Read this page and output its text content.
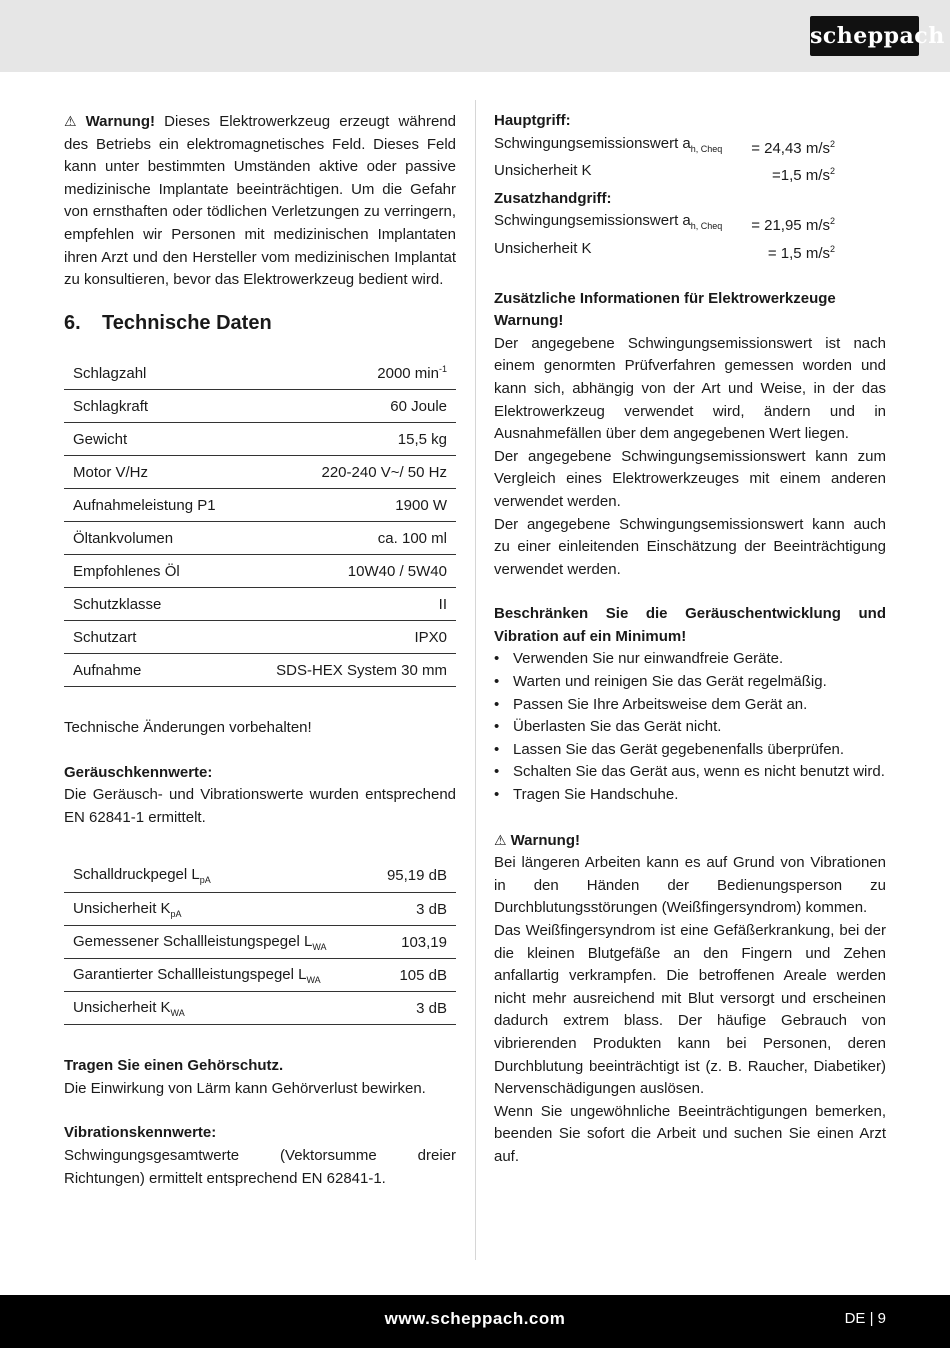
scheppach

⚠ Warnung! Dieses Elektrowerkzeug erzeugt während des Betriebs ein elektromagnetisches Feld. Dieses Feld kann unter bestimmten Umständen aktive oder passive medizinische Implantate beeinträchtigen. Um die Gefahr von ernsthaften oder tödlichen Verletzungen zu verringern, empfehlen wir Personen mit medizinischen Implantaten ihren Arzt und den Hersteller vom medizinischen Implantat zu konsultieren, bevor das Elektrowerkzeug bedient wird.

6.	Technische Daten
Schlagzahl	2000 $\min^{-1}$
Schlagkraft	60 Joule
Gewicht	15,5 kg
Motor V/Hz	220-240 V~/ 50 Hz
Aufnahmeleistung P1	1900 W
Öltankvolumen	ca. 100 ml
Empfohlenes Öl	10W40 / 5W40
Schutzklasse	II
Schutzart	IPX0
Aufnahme	SDS-HEX System 30 mm

Technische Änderungen vorbehalten!

Geräuschkennwerte:

Die Geräusch- und Vibrationswerte wurden entsprechend EN 62841-1 ermittelt.

Schalldruckpegel $L_{pA}$	95,19 dB
Unsicherheit $K_{pA}$	3 dB
Gemessener Schallleistungspegel $L_{WA}$	103,19
Garantierter Schallleistungspegel $L_{WA}$	105 dB
Unsicherheit $K_{WA}$	3 dB

Tragen Sie einen Gehörschutz.

Die Einwirkung von Lärm kann Gehörverlust bewirken.

Vibrationskennwerte:

Schwingungsgesamtwerte (Vektorsumme dreier Richtungen) ermittelt entsprechend EN 62841-1.

Hauptgriff:

Schwingungsemissionswert $a_{h, Cheq}$	= 24,43 $m/s^2$
Unsicherheit K	=1,5 $m/s^2$

Zusatzhandgriff:

Schwingungsemissionswert $a_{h, Cheq}$	= 21,95 $m/s^2$
Unsicherheit K	= 1,5 $m/s^2$

Zusätzliche Informationen für Elektrowerkzeuge

Warnung!

Der angegebene Schwingungsemissionswert ist nach einem genormten Prüfverfahren gemessen worden und kann sich, abhängig von der Art und Weise, in der das Elektrowerkzeug verwendet wird, ändern und in Ausnahmefällen über dem angegebenen Wert liegen.

Der angegebene Schwingungsemissionswert kann zum Vergleich eines Elektrowerkzeuges mit einem anderen verwendet werden.

Der angegebene Schwingungsemissionswert kann auch zu einer einleitenden Einschätzung der Beeinträchtigung verwendet werden.

Beschränken Sie die Geräuschentwicklung und Vibration auf ein Minimum!

• Verwenden Sie nur einwandfreie Geräte.
• Warten und reinigen Sie das Gerät regelmäßig.
• Passen Sie Ihre Arbeitsweise dem Gerät an.
• Überlasten Sie das Gerät nicht.
• Lassen Sie das Gerät gegebenenfalls überprüfen.
• Schalten Sie das Gerät aus, wenn es nicht benutzt wird.
• Tragen Sie Handschuhe.

⚠ Warnung!

Bei längeren Arbeiten kann es auf Grund von Vibrationen in den Händen der Bedienungsperson zu Durchblutungsstörungen (Weißfingersyndrom) kommen.

Das Weißfingersyndrom ist eine Gefäßerkrankung, bei der die kleinen Blutgefäße an den Fingern und Zehen anfallartig verkrampfen. Die betroffenen Areale werden nicht mehr ausreichend mit Blut versorgt und erscheinen dadurch extrem blass. Der häufige Gebrauch von vibrierenden Produkten kann bei Personen, deren Durchblutung beeinträchtigt ist (z. B. Raucher, Diabetiker) Nervenschädigungen auslösen.

Wenn Sie ungewöhnliche Beeinträchtigungen bemerken, beenden Sie sofort die Arbeit und suchen Sie einen Arzt auf.

www.scheppach.com	DE | 9
